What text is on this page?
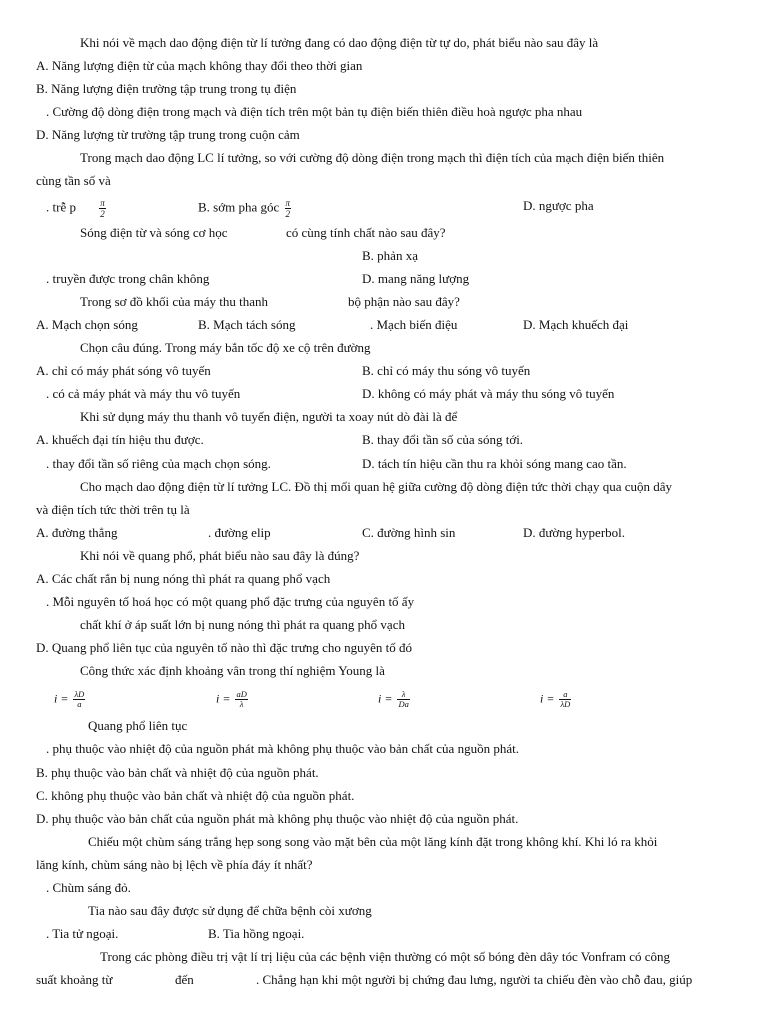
Khi nói về mạch dao động điện từ lí tưởng đang có dao động điện từ tự do, phát biểu nào sau đây là
A. Năng lượng điện từ của mạch không thay đổi theo thời gian
B. Năng lượng điện trường tập trung trong tụ điện
. Cường độ dòng điện trong mạch và điện tích trên một bản tụ điện biến thiên điều hoà ngược pha nhau
D. Năng lượng từ trường tập trung trong cuộn cảm
Trong mạch dao động LC lí tưởng, so với cường độ dòng điện trong mạch thì điện tích của mạch điện biến thiên
cùng tần số và
. trễ p	$\frac{\pi}{2}$	B. sớm pha góc $\frac{\pi}{2}$	D. ngược pha
Sóng điện từ và sóng cơ học	có cùng tính chất nào sau đây?
B. phản xạ
. truyền được trong chân không	D. mang năng lượng
Trong sơ đồ khối của máy thu thanh	bộ phận nào sau đây?
A. Mạch chọn sóng	B. Mạch tách sóng	. Mạch biến điệu	D. Mạch khuếch đại
Chọn câu đúng. Trong máy bắn tốc độ xe cộ trên đường
A. chỉ có máy phát sóng vô tuyến	B. chỉ có máy thu sóng vô tuyến
. có cả máy phát và máy thu vô tuyến	D. không có máy phát và máy thu sóng vô tuyến
Khi sử dụng máy thu thanh vô tuyến điện, người ta xoay nút dò đài là để
A. khuếch đại tín hiệu thu được.	B. thay đổi tần số của sóng tới.
. thay đổi tần số riêng của mạch chọn sóng.	D. tách tín hiệu cần thu ra khỏi sóng mang cao tần.
Cho mạch dao động điện từ lí tưởng LC. Đồ thị mối quan hệ giữa cường độ dòng điện tức thời chạy qua cuộn dây
và điện tích tức thời trên tụ là
A. đường thẳng	. đường elip	C. đường hình sin	D. đường hyperbol.
Khi nói về quang phổ, phát biểu nào sau đây là đúng?
A. Các chất rắn bị nung nóng thì phát ra quang phổ vạch
. Mỗi nguyên tố hoá học có một quang phổ đặc trưng của nguyên tố ấy
chất khí ở áp suất lớn bị nung nóng thì phát ra quang phổ vạch
D. Quang phổ liên tục của nguyên tố nào thì đặc trưng cho nguyên tố đó
Công thức xác định khoảng vân trong thí nghiệm Young là
$i = \frac{\lambda D}{a}$	$i = \frac{aD}{\lambda}$	$i = \frac{\lambda}{Da}$	$i = \frac{a}{\lambda D}$
Quang phổ liên tục
. phụ thuộc vào nhiệt độ của nguồn phát mà không phụ thuộc vào bản chất của nguồn phát.
B. phụ thuộc vào bản chất và nhiệt độ của nguồn phát.
C. không phụ thuộc vào bản chất và nhiệt độ của nguồn phát.
D. phụ thuộc vào bản chất của nguồn phát mà không phụ thuộc vào nhiệt độ của nguồn phát.
Chiếu một chùm sáng trắng hẹp song song vào mặt bên của một lăng kính đặt trong không khí. Khi ló ra khỏi
lăng kính, chùm sáng nào bị lệch về phía đáy ít nhất?
. Chùm sáng đỏ.
Tia nào sau đây được sử dụng để chữa bệnh còi xương
. Tia tử ngoại.	B. Tia hồng ngoại.
Trong các phòng điều trị vật lí trị liệu của các bệnh viện thường có một số bóng đèn dây tóc Vonfram có công
suất khoảng từ	đến	. Chẳng hạn khi một người bị chứng đau lưng, người ta chiếu đèn vào chỗ đau, giúp
